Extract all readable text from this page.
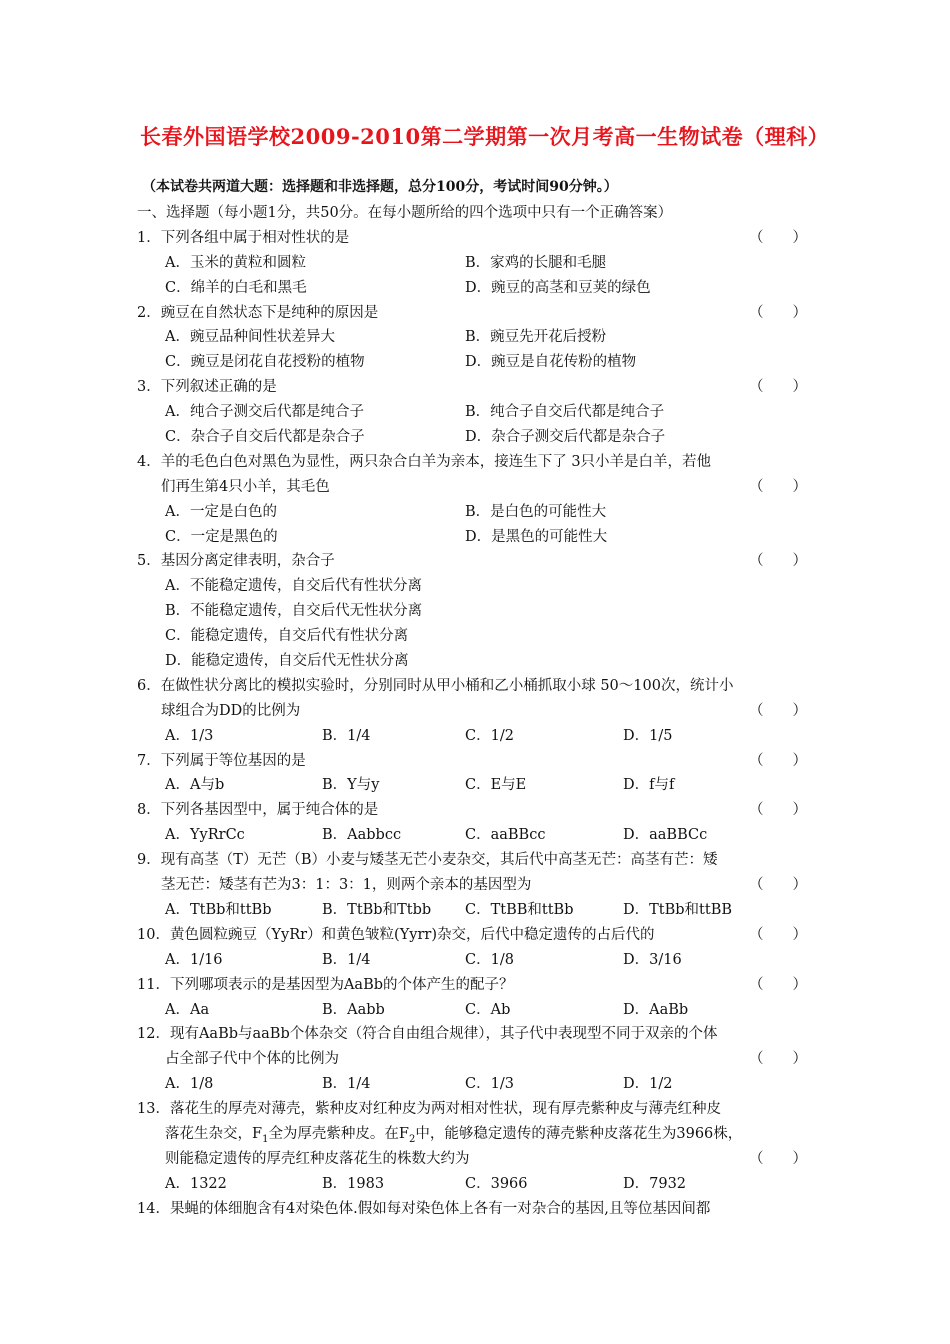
长春外国语学校2009-2010第二学期第一次月考高一生物试卷（理科）
（本试卷共两道大题：选择题和非选择题，总分100分，考试时间90分钟。）
一、选择题（每小题1分，共50分。在每小题所给的四个选项中只有一个正确答案）
1．下列各组中属于相对性状的是	（　　）
A．玉米的黄粒和圆粒	B．家鸡的长腿和毛腿
C．绵羊的白毛和黑毛	D．豌豆的高茎和豆荚的绿色
2．豌豆在自然状态下是纯种的原因是	（　　）
A．豌豆品种间性状差异大	B．豌豆先开花后授粉
C．豌豆是闭花自花授粉的植物	D．豌豆是自花传粉的植物
3．下列叙述正确的是	（　　）
A．纯合子测交后代都是纯合子	B．纯合子自交后代都是纯合子
C．杂合子自交后代都是杂合子	D．杂合子测交后代都是杂合子
4．羊的毛色白色对黑色为显性，两只杂合白羊为亲本，接连生下了 3只小羊是白羊，若他
们再生第4只小羊，其毛色	（　　）
A．一定是白色的	B．是白色的可能性大
C．一定是黑色的	D．是黑色的可能性大
5．基因分离定律表明，杂合子	（　　）
A．不能稳定遗传，自交后代有性状分离
B．不能稳定遗传，自交后代无性状分离
C．能稳定遗传，自交后代有性状分离
D．能稳定遗传，自交后代无性状分离
6．在做性状分离比的模拟实验时，分别同时从甲小桶和乙小桶抓取小球 50～100次，统计小
球组合为DD的比例为	（　　）
A．1/3	B．1/4	C．1/2	D．1/5
7．下列属于等位基因的是	（　　）
A．A与b	B．Y与y	C．E与E	D．f与f
8．下列各基因型中，属于纯合体的是	（　　）
A．YyRrCc	B．Aabbcc	C．aaBBcc	D．aaBBCc
9．现有高茎（T）无芒（B）小麦与矮茎无芒小麦杂交，其后代中高茎无芒：高茎有芒：矮
茎无芒：矮茎有芒为3：1：3：1，则两个亲本的基因型为	（　　）
A．TtBb和ttBb	B．TtBb和Ttbb C．TtBB和ttBb	D．TtBb和ttBB
10．黄色圆粒豌豆（YyRr）和黄色皱粒(Yyrr)杂交，后代中稳定遗传的占后代的	（　　）
A．1/16	B．1/4	C．1/8	D．3/16
11．下列哪项表示的是基因型为AaBb的个体产生的配子？	（　　）
A．Aa	B．Aabb	C．Ab	D．AaBb
12．现有AaBb与aaBb个体杂交（符合自由组合规律），其子代中表现型不同于双亲的个体
占全部子代中个体的比例为	（　　）
A．1/8	B．1/4	C．1/3	D．1/2
13．落花生的厚壳对薄壳，紫种皮对红种皮为两对相对性状，现有厚壳紫种皮与薄壳红种皮
落花生杂交，$F_1$全为厚壳紫种皮。在$F_2$中，能够稳定遗传的薄壳紫种皮落花生为3966株，
则能稳定遗传的厚壳红种皮落花生的株数大约为	（　　）
A．1322	B．1983	C．3966	D．7932
14．果蝇的体细胞含有4对染色体.假如每对染色体上各有一对杂合的基因,且等位基因间都
